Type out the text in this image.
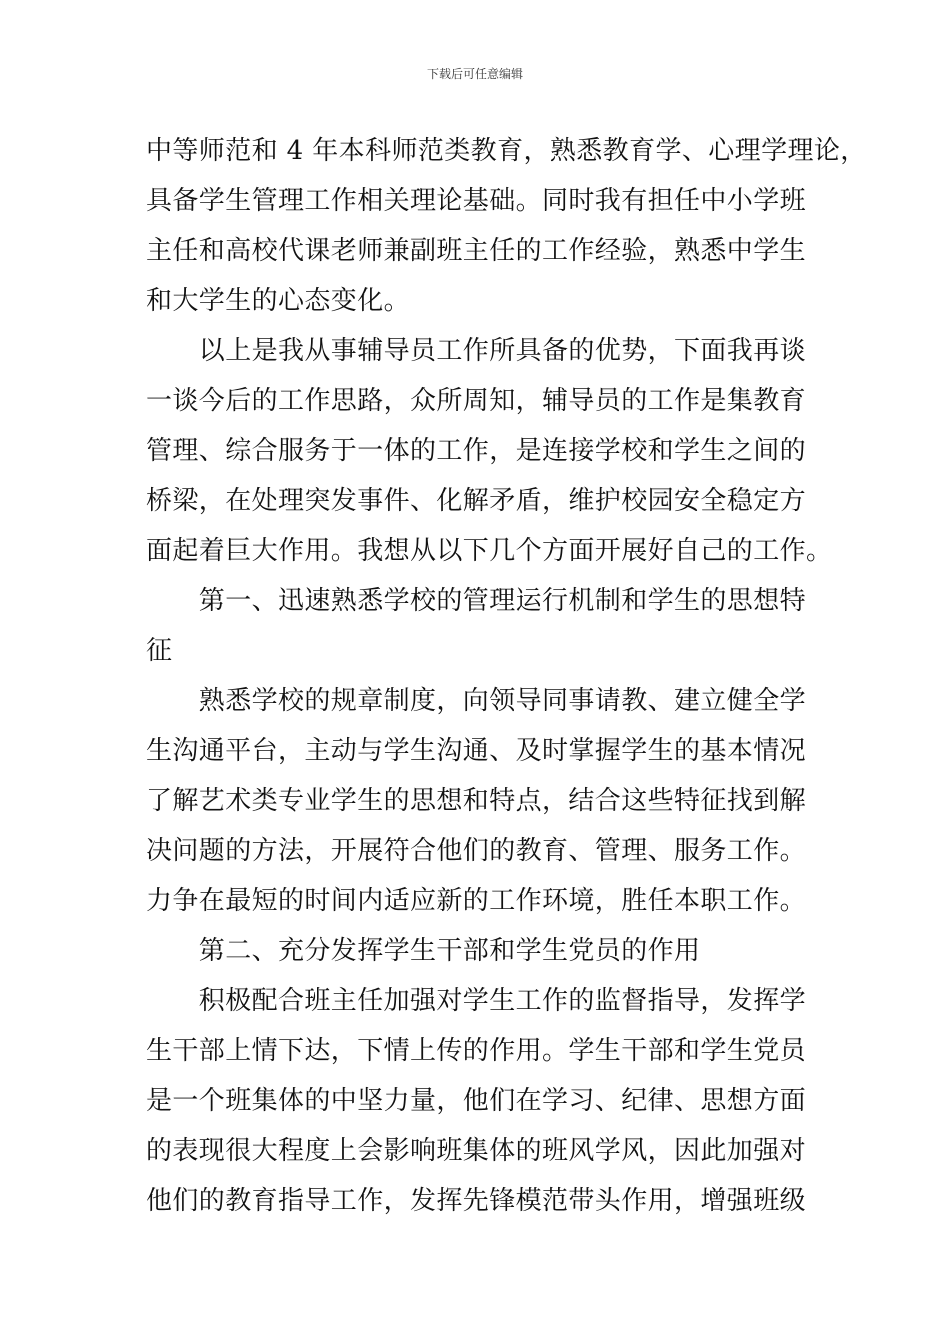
下载后可任意编辑
中等师范和 4 年本科师范类教育，熟悉教育学、心理学理论，
具备学生管理工作相关理论基础。同时我有担任中小学班
主任和高校代课老师兼副班主任的工作经验，熟悉中学生
和大学生的心态变化。
　　以上是我从事辅导员工作所具备的优势，下面我再谈
一谈今后的工作思路，众所周知，辅导员的工作是集教育
管理、综合服务于一体的工作，是连接学校和学生之间的
桥梁，在处理突发事件、化解矛盾，维护校园安全稳定方
面起着巨大作用。我想从以下几个方面开展好自己的工作。
　　第一、迅速熟悉学校的管理运行机制和学生的思想特
征
　　熟悉学校的规章制度，向领导同事请教、建立健全学
生沟通平台，主动与学生沟通、及时掌握学生的基本情况
了解艺术类专业学生的思想和特点，结合这些特征找到解
决问题的方法，开展符合他们的教育、管理、服务工作。
力争在最短的时间内适应新的工作环境，胜任本职工作。
　　第二、充分发挥学生干部和学生党员的作用
　　积极配合班主任加强对学生工作的监督指导，发挥学
生干部上情下达，下情上传的作用。学生干部和学生党员
是一个班集体的中坚力量，他们在学习、纪律、思想方面
的表现很大程度上会影响班集体的班风学风，因此加强对
他们的教育指导工作，发挥先锋模范带头作用，增强班级
